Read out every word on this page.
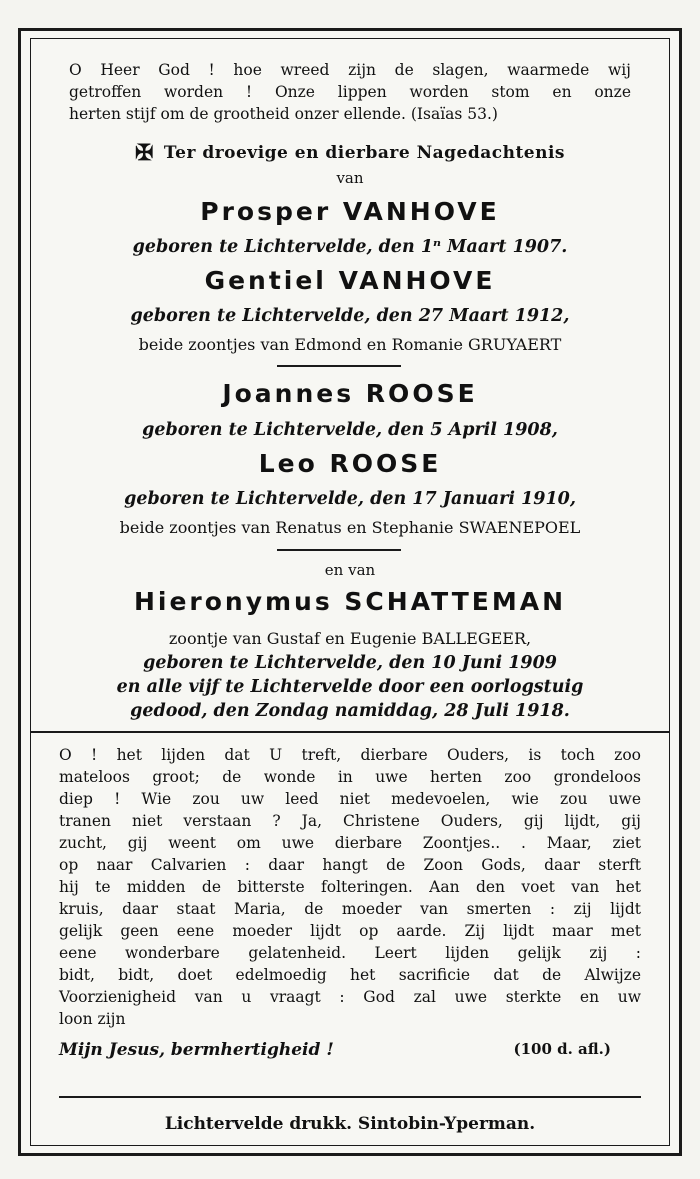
O Heer God ! hoe wreed zijn de slagen, waarmede wij
getroffen worden ! Onze lippen worden stom en onze
herten stijf om de grootheid onzer ellende. (Isaïas 53.)
✠ Ter droevige en dierbare Nagedachtenis
van
Prosper VANHOVE
geboren te Lichtervelde, den 1ⁿ Maart 1907.
Gentiel VANHOVE
geboren te Lichtervelde, den 27 Maart 1912,
beide zoontjes van Edmond en Romanie GRUYAERT
Joannes ROOSE
geboren te Lichtervelde, den 5 April 1908,
Leo ROOSE
geboren te Lichtervelde, den 17 Januari 1910,
beide zoontjes van Renatus en Stephanie SWAENEPOEL
en van
Hieronymus SCHATTEMAN
zoontje van Gustaf en Eugenie BALLEGEER,
geboren te Lichtervelde, den 10 Juni 1909
en alle vijf te Lichtervelde door een oorlogstuig
gedood, den Zondag namiddag, 28 Juli 1918.
O ! het lijden dat U treft, dierbare Ouders, is toch zoo
mateloos groot; de wonde in uwe herten zoo grondeloos
diep ! Wie zou uw leed niet medevoelen, wie zou uwe
tranen niet verstaan ? Ja, Christene Ouders, gij lijdt, gij
zucht, gij weent om uwe dierbare Zoontjes.. . Maar, ziet
op naar Calvarien : daar hangt de Zoon Gods, daar sterft
hij te midden de bitterste folteringen. Aan den voet van het
kruis, daar staat Maria, de moeder van smerten : zij lijdt
gelijk geen eene moeder lijdt op aarde. Zij lijdt maar met
eene wonderbare gelatenheid. Leert lijden gelijk zij :
bidt, bidt, doet edelmoedig het sacrificie dat de Alwijze
Voorzienigheid van u vraagt : God zal uwe sterkte en uw
loon zijn
Mijn Jesus, bermhertigheid !	(100 d. afl.)
Lichtervelde drukk. Sintobin-Yperman.
